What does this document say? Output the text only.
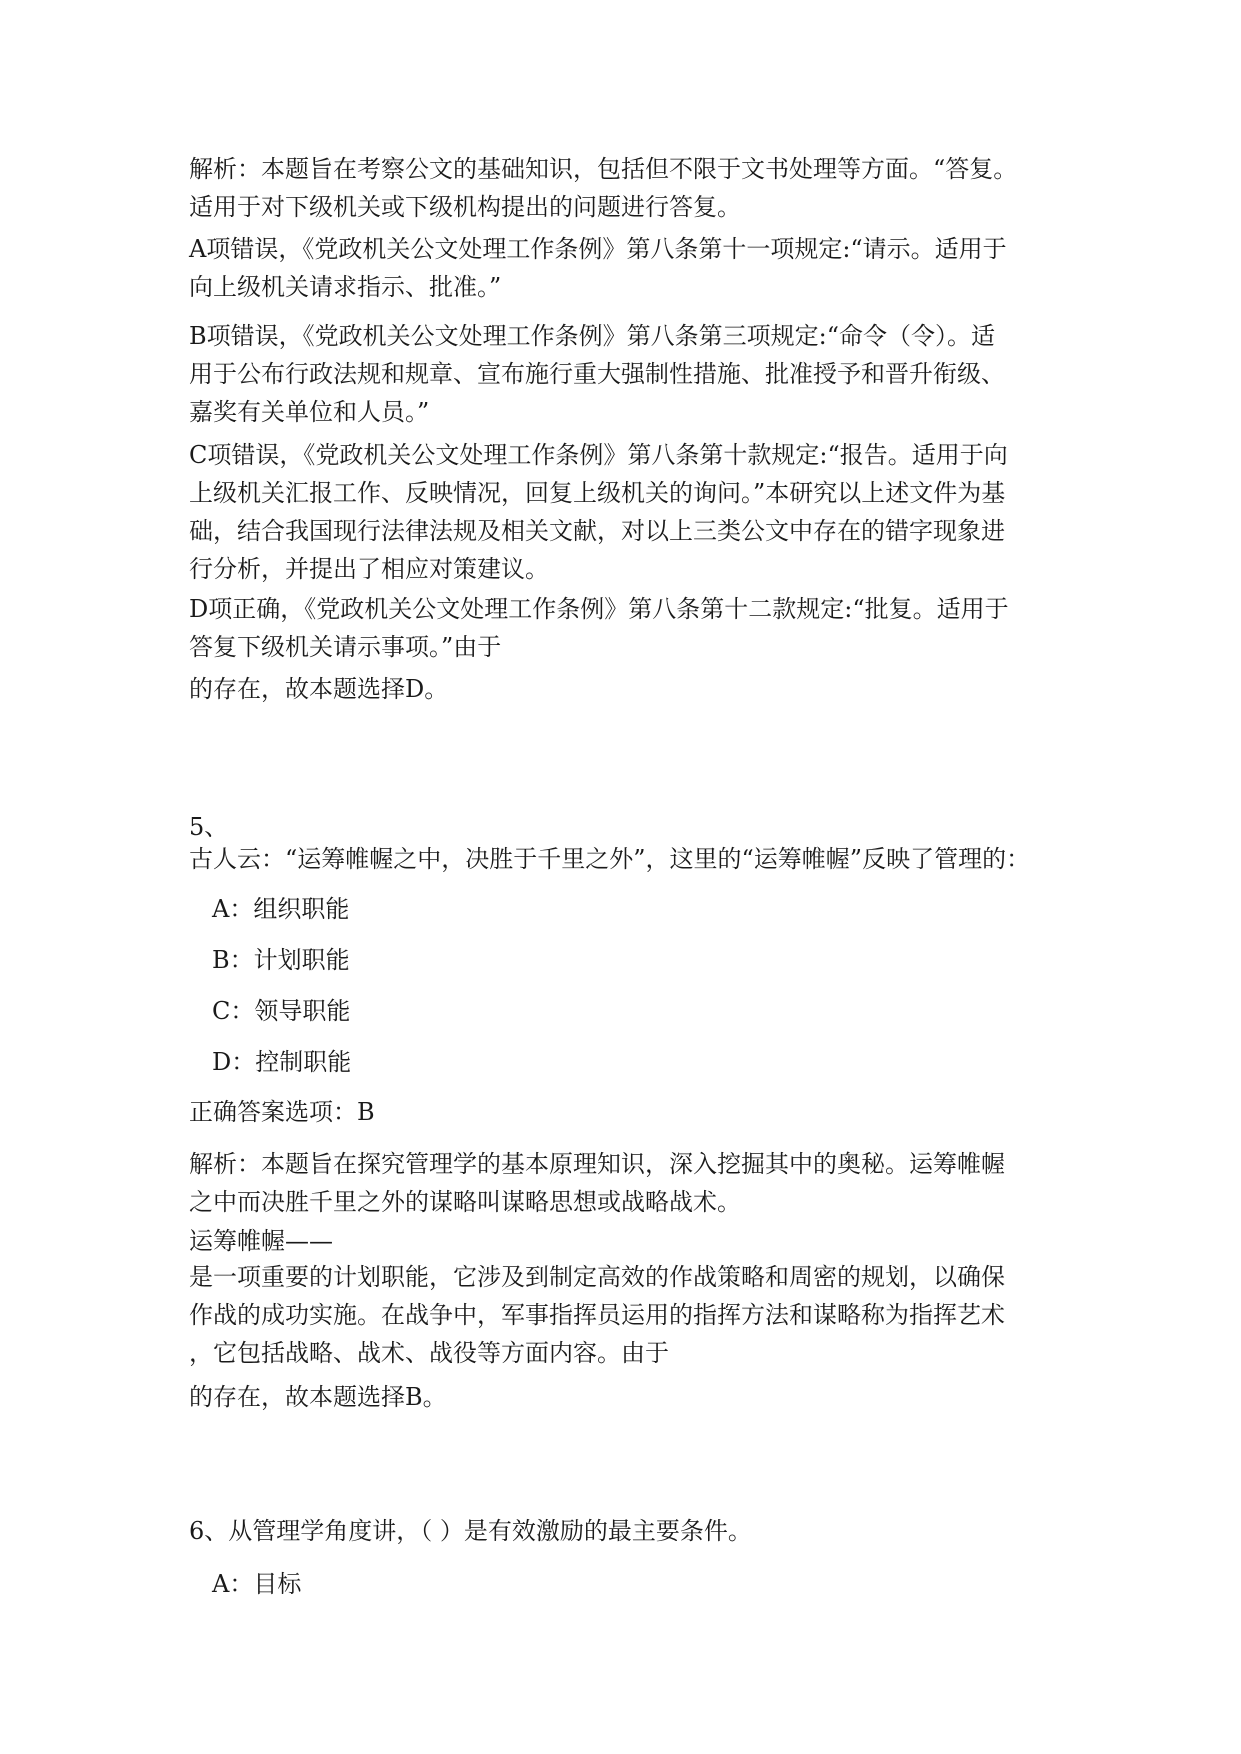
解析：本题旨在考察公文的基础知识，包括但不限于文书处理等方面。“答复。
适用于对下级机关或下级机构提出的问题进行答复。

A项错误，《党政机关公文处理工作条例》第八条第十一项规定:“请示。适用于
向上级机关请求指示、批准。”

B项错误，《党政机关公文处理工作条例》第八条第三项规定:“命令（令）。适
用于公布行政法规和规章、宣布施行重大强制性措施、批准授予和晋升衔级、
嘉奖有关单位和人员。”

C项错误，《党政机关公文处理工作条例》第八条第十款规定:“报告。适用于向
上级机关汇报工作、反映情况，回复上级机关的询问。”本研究以上述文件为基
础，结合我国现行法律法规及相关文献，对以上三类公文中存在的错字现象进
行分析，并提出了相应对策建议。

D项正确，《党政机关公文处理工作条例》第八条第十二款规定:“批复。适用于
答复下级机关请示事项。”由于

的存在，故本题选择D。

5、

古人云：“运筹帷幄之中，决胜于千里之外”，这里的“运筹帷幄”反映了管理的：

A：组织职能
B：计划职能
C：领导职能
D：控制职能

正确答案选项：B

解析：本题旨在探究管理学的基本原理知识，深入挖掘其中的奥秘。运筹帷幄
之中而决胜千里之外的谋略叫谋略思想或战略战术。

运筹帷幄——
是一项重要的计划职能，它涉及到制定高效的作战策略和周密的规划，以确保
作战的成功实施。在战争中，军事指挥员运用的指挥方法和谋略称为指挥艺术
，它包括战略、战术、战役等方面内容。由于

的存在，故本题选择B。

6、从管理学角度讲，（ ）是有效激励的最主要条件。

A：目标
